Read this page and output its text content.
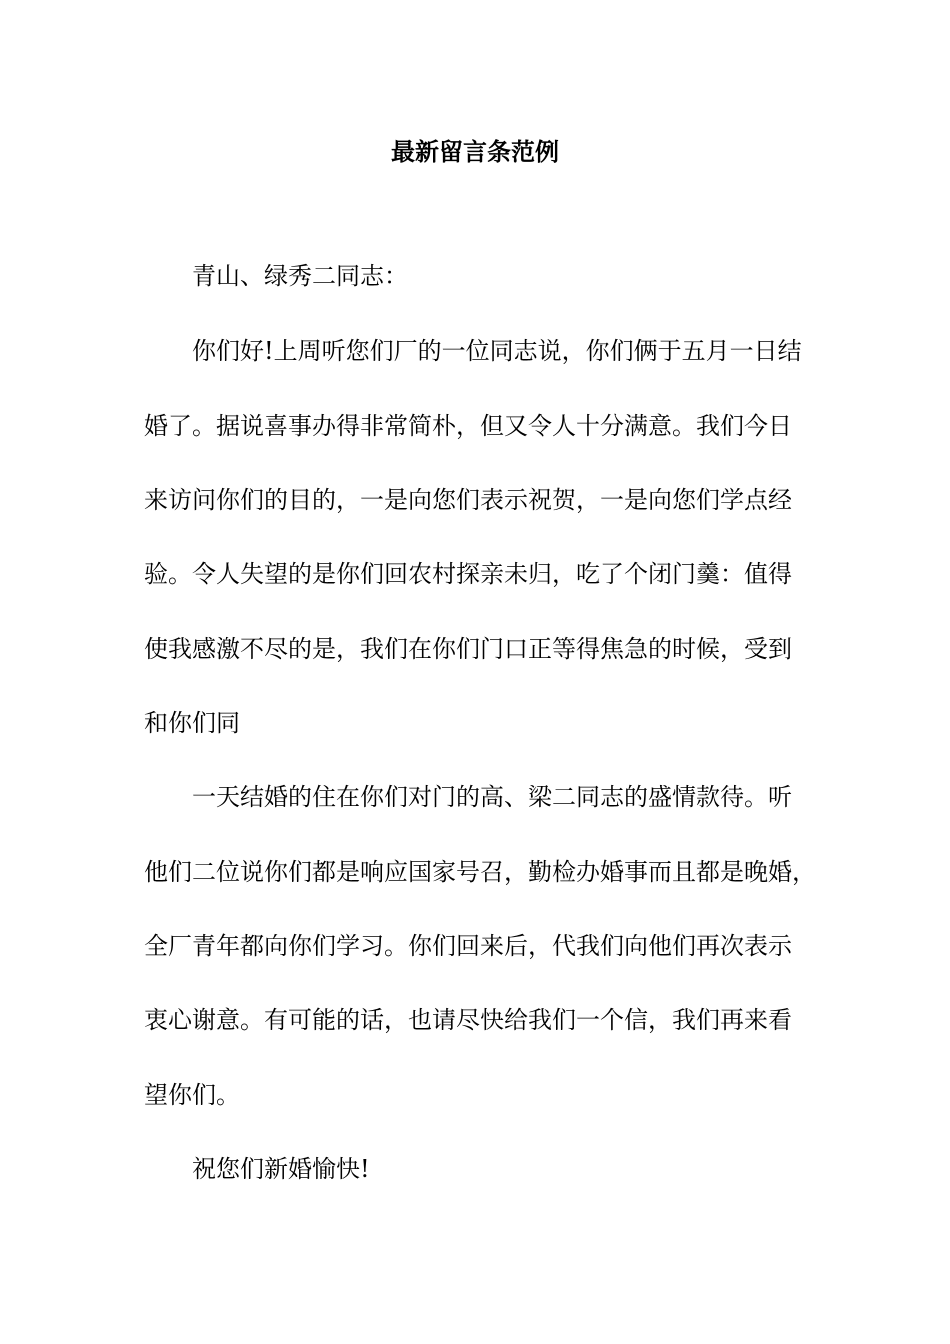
最新留言条范例
青山、绿秀二同志：
你们好!上周听您们厂的一位同志说，你们俩于五月一日结
婚了。据说喜事办得非常简朴，但又令人十分满意。我们今日
来访问你们的目的，一是向您们表示祝贺，一是向您们学点经
验。令人失望的是你们回农村探亲未归，吃了个闭门羹：值得
使我感激不尽的是，我们在你们门口正等得焦急的时候，受到
和你们同
一天结婚的住在你们对门的高、梁二同志的盛情款待。听
他们二位说你们都是响应国家号召，勤检办婚事而且都是晚婚，
全厂青年都向你们学习。你们回来后，代我们向他们再次表示
衷心谢意。有可能的话，也请尽快给我们一个信，我们再来看
望你们。
祝您们新婚愉快!
